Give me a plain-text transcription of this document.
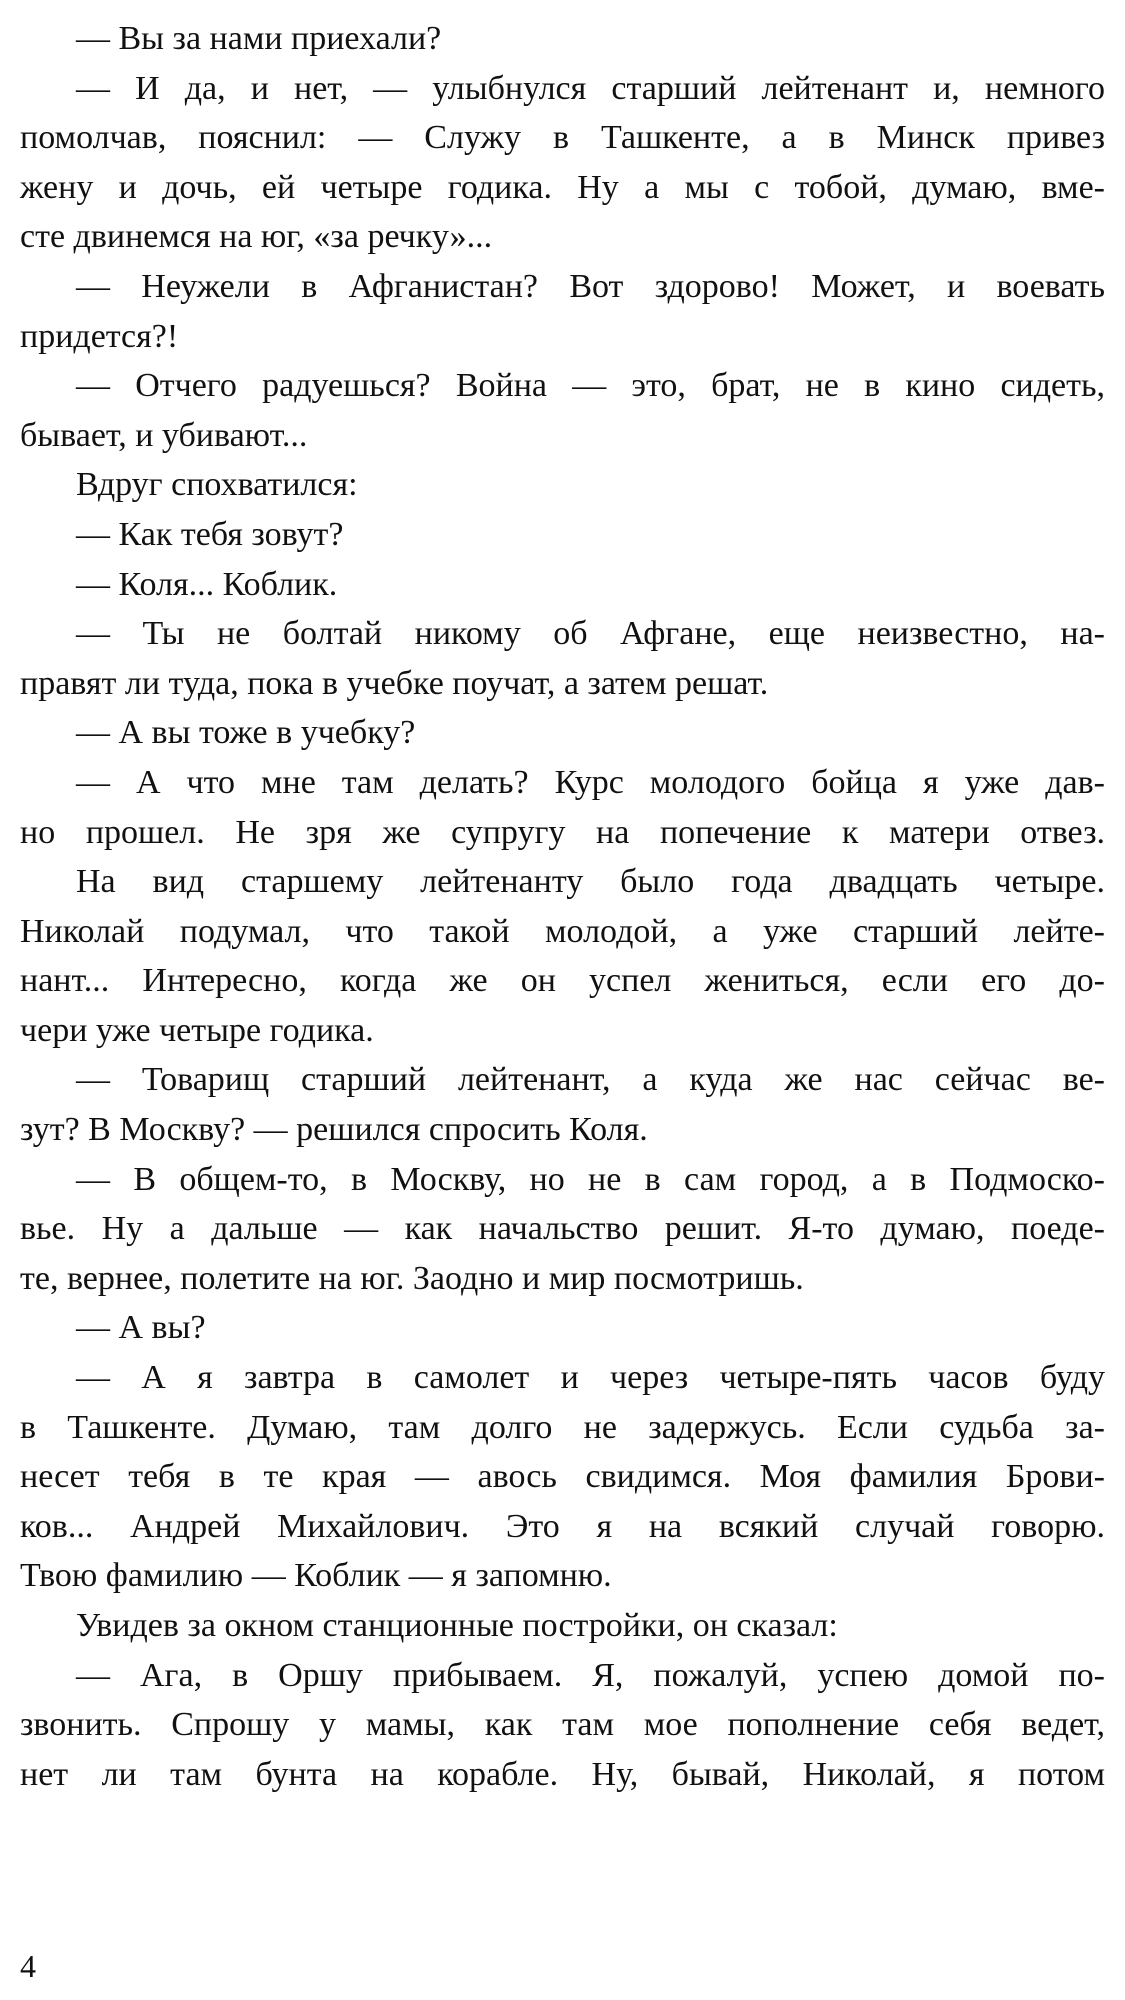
— Вы за нами приехали?
— И да, и нет, — улыбнулся старший лейтенант и, немного
помолчав, пояснил: — Служу в Ташкенте, а в Минск привез
жену и дочь, ей четыре годика. Ну а мы с тобой, думаю, вме-
сте двинемся на юг, «за речку»...
— Неужели в Афганистан? Вот здорово! Может, и воевать
придется?!
— Отчего радуешься? Война — это, брат, не в кино сидеть,
бывает, и убивают...
Вдруг спохватился:
— Как тебя зовут?
— Коля... Коблик.
— Ты не болтай никому об Афгане, еще неизвестно, на-
правят ли туда, пока в учебке поучат, а затем решат.
— А вы тоже в учебку?
— А что мне там делать? Курс молодого бойца я уже дав-
но прошел. Не зря же супругу на попечение к матери отвез.
На вид старшему лейтенанту было года двадцать четыре.
Николай подумал, что такой молодой, а уже старший лейте-
нант... Интересно, когда же он успел жениться, если его до-
чери уже четыре годика.
— Товарищ старший лейтенант, а куда же нас сейчас ве-
зут? В Москву? — решился спросить Коля.
— В общем-то, в Москву, но не в сам город, а в Подмоско-
вье. Ну а дальше — как начальство решит. Я-то думаю, поеде-
те, вернее, полетите на юг. Заодно и мир посмотришь.
— А вы?
— А я завтра в самолет и через четыре-пять часов буду
в Ташкенте. Думаю, там долго не задержусь. Если судьба за-
несет тебя в те края — авось свидимся. Моя фамилия Брови-
ков... Андрей Михайлович. Это я на всякий случай говорю.
Твою фамилию — Коблик — я запомню.
Увидев за окном станционные постройки, он сказал:
— Ага, в Оршу прибываем. Я, пожалуй, успею домой по-
звонить. Спрошу у мамы, как там мое пополнение себя ведет,
нет ли там бунта на корабле. Ну, бывай, Николай, я потом
4
